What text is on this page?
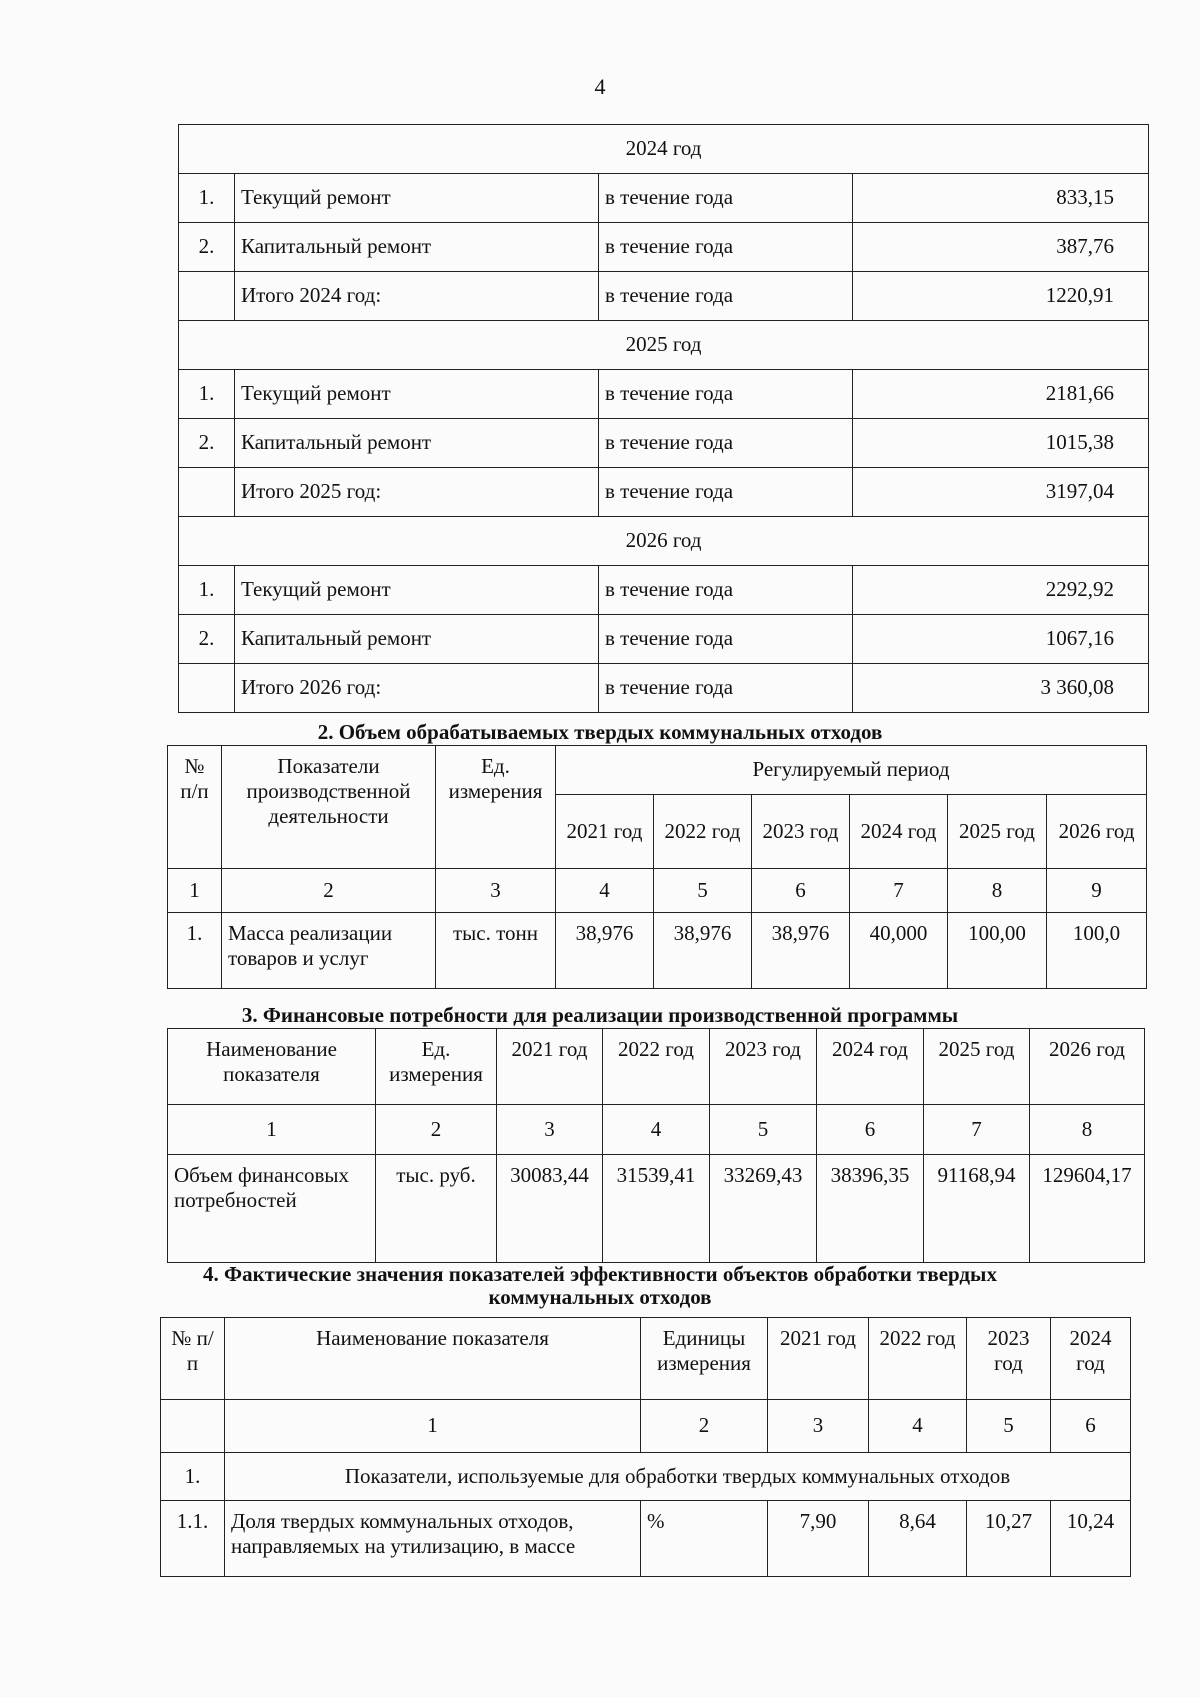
4
2024 год			
1.	Текущий ремонт	в течение года	833,15
2.	Капитальный ремонт	в течение года	387,76
	Итого 2024 год:	в течение года	1220,91
2025 год			
1.	Текущий ремонт	в течение года	2181,66
2.	Капитальный ремонт	в течение года	1015,38
	Итого 2025 год:	в течение года	3197,04
2026 год			
1.	Текущий ремонт	в течение года	2292,92
2.	Капитальный ремонт	в течение года	1067,16
	Итого 2026 год:	в течение года	3 360,08
2. Объем обрабатываемых твердых коммунальных отходов
№ п/п	Показатели производственной деятельности	Ед. измерения	Регулируемый период					
			2021 год	2022 год	2023 год	2024 год	2025 год	2026 год
1	2	3	4	5	6	7	8	9
1.	Масса реализации товаров и услуг	тыс. тонн	38,976	38,976	38,976	40,000	100,00	100,0
3. Финансовые потребности для реализации производственной программы
Наименование показателя	Ед. измерения	2021 год	2022 год	2023 год	2024 год	2025 год	2026 год
1	2	3	4	5	6	7	8
Объем финансовых потребностей	тыс. руб.	30083,44	31539,41	33269,43	38396,35	91168,94	129604,17
4. Фактические значения показателей эффективности объектов обработки твердых
коммунальных отходов
№ п/п	Наименование показателя	Единицы измерения	2021 год	2022 год	2023 год	2024 год
	1	2	3	4	5	6
1.	Показатели, используемые для обработки твердых коммунальных отходов					
1.1.	Доля твердых коммунальных отходов, направляемых на утилизацию, в массе	%	7,90	8,64	10,27	10,24
